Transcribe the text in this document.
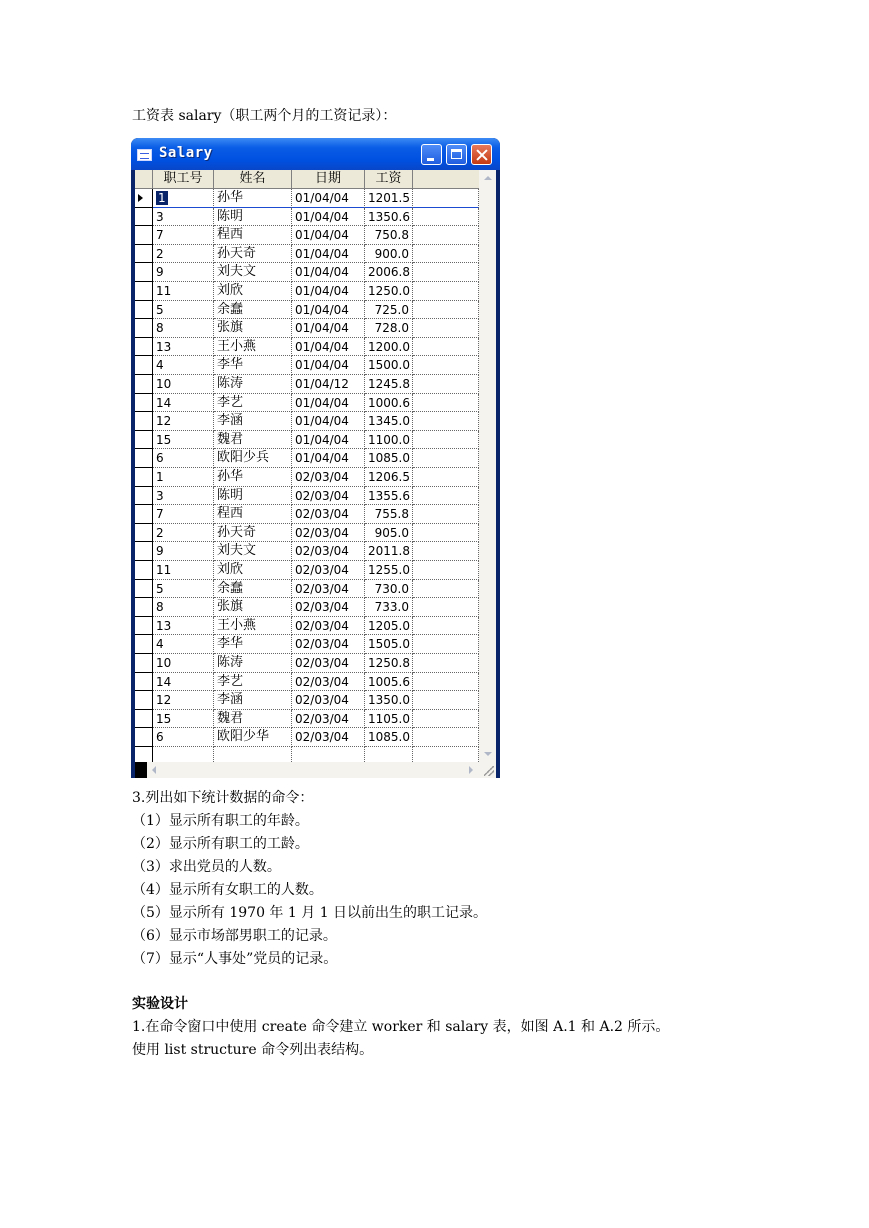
工资表 salary（职工两个月的工资记录）：
Salary
职工号	姓名	日期	工资
1	孙华	01/04/04	1201.5
3	陈明	01/04/04	1350.6
7	程西	01/04/04	750.8
2	孙天奇	01/04/04	900.0
9	刘夫文	01/04/04	2006.8
11	刘欣	01/04/04	1250.0
5	余蠢	01/04/04	725.0
8	张旗	01/04/04	728.0
13	王小燕	01/04/04	1200.0
4	李华	01/04/04	1500.0
10	陈涛	01/04/12	1245.8
14	李艺	01/04/04	1000.6
12	李涵	01/04/04	1345.0
15	魏君	01/04/04	1100.0
6	欧阳少兵	01/04/04	1085.0
1	孙华	02/03/04	1206.5
3	陈明	02/03/04	1355.6
7	程西	02/03/04	755.8
2	孙天奇	02/03/04	905.0
9	刘夫文	02/03/04	2011.8
11	刘欣	02/03/04	1255.0
5	余蠢	02/03/04	730.0
8	张旗	02/03/04	733.0
13	王小燕	02/03/04	1205.0
4	李华	02/03/04	1505.0
10	陈涛	02/03/04	1250.8
14	李艺	02/03/04	1005.6
12	李涵	02/03/04	1350.0
15	魏君	02/03/04	1105.0
6	欧阳少华	02/03/04	1085.0
3.列出如下统计数据的命令：
（1）显示所有职工的年龄。
（2）显示所有职工的工龄。
（3）求出党员的人数。
（4）显示所有女职工的人数。
（5）显示所有 1970 年 1 月 1 日以前出生的职工记录。
（6）显示市场部男职工的记录。
（7）显示“人事处”党员的记录。
实验设计
1.在命令窗口中使用 create 命令建立 worker 和 salary 表，如图 A.1 和 A.2 所示。
使用 list structure 命令列出表结构。
